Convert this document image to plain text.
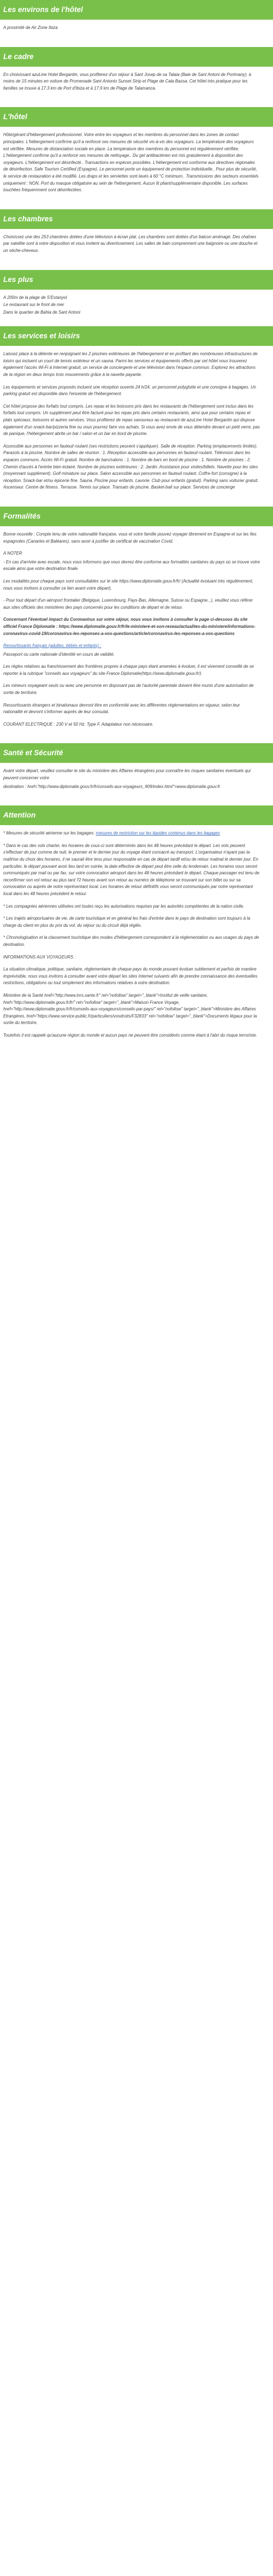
Les environs de l'hôtel
A proximité de Air Zone Ibiza
Le cadre
En choisissant azuLine Hotel Bergantin, vous profiterez d'un séjour à Sant Josep de sa Talaia (Baie de Sant Antoni de Portmany), à moins de 15 minutes en voiture de Promenade Sant Antonio Sunset Strip et Plage de Cala Bassa. Cet hôtel très pratique pour les familles se trouve à 17,3 km de Port d'Ibiza et à 17,9 km de Plage de Talamanca.
L'hôtel
Hôte/gérant d'hébergement professionnel. Votre entre les voyageurs et les membres du personnel dans les zones de contact principales. L'hébergement confirme qu'il a renforcé ses mesures de sécurité vis-à-vis des voyageurs. La température des voyageurs est vérifiée. Mesures de distanciation sociale en place. La température des membres du personnel est régulièrement vérifiée. L'hébergement confirme qu'il a renforcé ses mesures de nettoyage.. Du gel antibactérien est mis gratuitement à disposition des voyageurs. L'hébergement est désinfecté.. Transactions en espèces possibles. L'hébergement est conforme aux directives régionales de désinfection. Safe Tourism Certified (Espagne). Le personnel porte un équipement de protection individuelle.. Pour plus de sécurité, le service de restauration a été modifié. Les draps et les serviettes sont lavés à 60 °C minimum.. Transmissions des secteurs essentiels uniquement : NON. Port du masque obligatoire au sein de l'hébergement. Aucun lit pliant/supplémentaire disponible. Les surfaces touchées fréquemment sont désinfectées.
Les chambres
Choisissez une des 253 chambres dotées d'une télévision à écran plat. Les chambres sont dotées d'un balcon aménagé. Des chaînes par satellite sont à votre disposition et vous invitent au divertissement. Les salles de bain comprennent une baignoire ou une douche et un sèche-cheveux.
Les plus
A 200m de la plage de S'Estanyol
Le restaurant sur le front de mer
Dans le quartier de Bahia de Sant Antoni
Les services et loisirs
Laissez place à la détente en renjoignant les 2 piscines extérieures de l'hébergement et en profitant des nombreuses infrastructures de loisirs qui incluent un court de tennis extérieur et un sauna. Parmi les services et équipements offerts par cet hôtel vous trouverez également l'accès Wi-Fi à Internet gratuit, un service de conciergerie et une télévision dans l'espace commun. Explorez les attractions de la région en deux temps trois mouvements grâce à la navette payante.
Les équipements et services proposés incluent une réception ouverte 24 h/24, un personnel polyglotte et une consigne à bagages. Un parking gratuit est disponible dans l'enceinte de l'hébergement.
Cet hôtel propose des forfaits tout compris. Les repas et les boissons pris dans les restaurants de l'hébergement sont inclus dans les forfaits tout compris. Un supplément peut être facturé pour les repas pris dans certains restaurants, ainsi que pour certains repas et plats spéciaux, boissons et autres services. Vous profiterez de repas savoureux au restaurant de azuLine Hotel Bergantin qui dispose également d'un snack-bar/pizzeria fine ou vous pourrez faire vos achats. Si vous avez envie de vous détendre devant un petit verre, pas de panique, l'hébergement abrite un bar / salon et un bar en bord de piscine.
Accessible aux personnes en fauteuil roulant (ses restrictions peuvent s'appliquer). Salle de réception. Parking (emplacements limités). Parasols à la piscine. Nombre de salles de réunion : 1. Réception accessible aux personnes en fauteuil roulant. Télévision dans les espaces communs. Accès Wi-Fi gratuit. Nombre de bars/salons : 1. Nombre de bars en bord de piscine : 1. Nombre de piscines : 2. Chemin d'accès à l'entrée bien éclairé. Nombre de piscines extérieures : 2. Jardin. Assistance pour visites/billets. Navette pour les sites (moyennant supplément). Golf miniature sur place. Salon accessible aux personnes en fauteuil roulant. Coffre-fort (consigne) à la réception. Snack-bar et/ou épicerie fine. Sauna. Piscine pour enfants. Lavorie. Club pour enfants (gratuit). Parking sans voiturier gratuit. Ascenseur. Centre de fitness. Terrasse. Tennis sur place. Transats de piscine. Basket-ball sur place. Services de concierge
Formalités
Bonne nouvelle : Compte tenu de votre nationalité française, vous et votre famille pouvez voyager librement en Espagne et sur les îles espagnoles (Canaries et Baléares), sans avoir à justifier de certificat de vaccination Covid.
A NOTER
- En cas d'arrivée avec escale, nous vous informons que vous devrez être conforme aux formalités sanitaires du pays où se trouve votre escale ainsi que votre destination finale.
Les modalités pour chaque pays sont consultables sur le site https://www.diplomatie.gouv.fr/fr/ (Actualité évoluant très régulièrement, nous vous invitons à consulter ce lien avant votre départ).
- Pour tout départ d'un aéroport frontalier (Belgique, Luxembourg, Pays-Bas, Allemagne, Suisse ou Espagne...), veuillez vous référer aux sites officiels des ministères des pays concernés pour les conditions de départ et de retour.
Concernant l'éventuel impact du Coronavirus sur votre séjour, nous vous invitons à consulter la page ci-dessous du site officiel France Diplomatie : https://www.diplomatie.gouv.fr/fr/le-ministere-et-son-reseau/actualites-du-ministere/informations-coronavirus-covid-19/coronavirus-les-reponses-a-vos-questions/article/coronavirus-les-reponses-a-vos-questions
Ressortissants français (adultes, bébés et enfants) :
Passeport ou carte nationale d'identité en cours de validité.
Les règles relatives au franchissement des frontières propres à chaque pays étant amenées à évoluer, il est vivement conseillé de se reporter à la rubrique "conseils aux voyageurs" du site France Diplomatie(https://www.diplomatie.gouv.fr/).
Les mineurs voyageant seuls ou avec une personne en disposant pas de l'autorité parentale doivent être munis d'une autorisation de sortie de territoire.
Ressortissants étrangers et binationaux devront être en conformité avec les différentes réglementations en vigueur, selon leur nationalité et devront s'informer auprès de leur consulat.
COURANT ELECTRIQUE : 230 V et 50 Hz. Type F. Adaptateur non nécessaire.
Santé et Sécurité
Avant votre départ, veuillez consulter le site du ministère des Affaires étrangères pour connaître les risques sanitaires éventuels qui peuvent concerner votre
destination : href="http://www.diplomatie.gouv.fr/fr/conseils-aux-voyageurs_909/index.html">www.diplomatie.gouv.fr
Attention
* Mesures de sécurité aérienne sur les bagages: mesures de restriction sur les liquides contenus dans les bagages
* Dans le cas des vols charter, les horaires de cous-ci sont déterminés dans les 48 heures précédant le départ. Les vols peuvent s'effectuer de jour comme de nuit, le premier et le dernier jour du voyage étant consacré au transport. L'organisateur n'ayant pas la maîtrise du choix des horaires, il ne saurait être tenu pour responsable en cas de départ tardif et/ou de retour matinal le dernier jour. En particulier, le départ pouvant avoir lieu tard en soirée, la date effective de départ peut être celle du lendemain. Les horaires vous seront communiqués par mail ou par fax, sur votre convocation aéroport dans les 48 heures précédant le départ. Chaque passager est tenu de reconfirmer son vol retour au plus tard 72 heures avant son retour au numéro de téléphone se trouvant sur son billet ou sur sa convocation ou auprès de notre représentant local. Les horaires de retour définitifs vous seront communiqués par notre représentant local dans les 48 heures précédent le retour.
* Les compagnies aériennes utilisées ont toutes reçu les autorisations requises par les autorités compétentes de la nation civile.
* Les trajets aéroportuaires de vie, de carte touristique et en général les frais d'entrée dans le pays de destination sont toujours à la charge du client en plus du prix du vol, du séjour ou du circuit déjà réglés.
* Chronologisation et la classement touristique des modes d'hébergement correspondent à la réglementation ou aux usages du pays de destination.
INFORMATIONS AUX VOYAGEURS :
La situation climatique, politique, sanitaire, réglementaire de chaque pays du monde pouvant évoluer subitement et parfois de manière imprévisible, nous vous invitons à consulter avant votre départ les sites Internet suivants afin de prendre connaissance des éventuelles restrictions, obligations ou tout simplement des informations relatives à votre destination.
Ministère de la Santé href="http://www.inrs.sante.fr" rel="nofollow" target="_blank">Institut de veille sanitaire, href="http://www.diplomatie.gouv.fr/fr/" rel="nofollow" target="_blank">Maison France Voyage, href="http://www.diplomatie.gouv.fr/fr/conseils-aux-voyageurs/conseils-par-pays/" rel="nofollow" target="_blank">Ministère des Affaires Etrangères, href="https://www.service-public.fr/particuliers/vosdroits/F32833" rel="nofollow" target="_blank">Documents légaux pour la sortie du territoire.
Toutefois il est rappelé qu'aucune région du monde et aucun pays ne peuvent être considérés comme étant à l'abri du risque terroriste.
